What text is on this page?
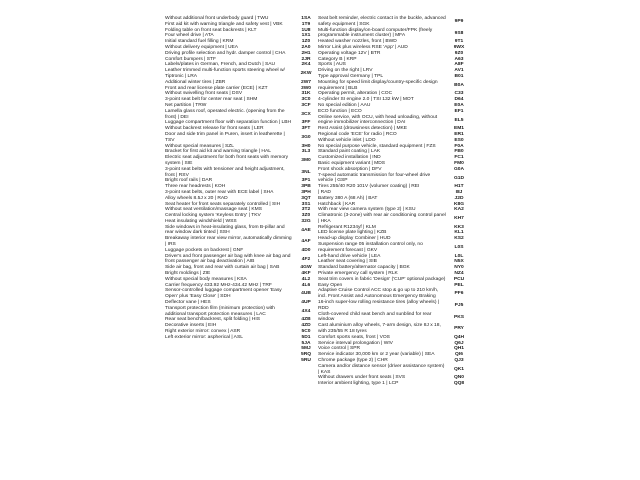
Without additional front underbody guard | TWU

First aid kit with warning triangle and safety vest | VBK

Folding table on front seat backrests | KLT

Four wheel drive | ATA

Initial standard fuel filling | KRM

Without delivery equipment | UEA

Driving profile selection and hydr. damper control | CHA

Comfort bumpers | STF

Labels/plates in German, French, and Dutch | SAU

Leather trimmed multi-function sports steering wheel w/ Tiptronic | LRA

Additional winter tires | ZBR

Front and rear license plate carrier (ECE) | KZT

Without swivelling front seats | DSV

3-point seat belt for center rear seat | SHM

Net partition | TRW

Lamella glass roof, operated electric. (opening from the front) | DEI

Luggage compartment floor with separation function | LBH

Without backrest release for front seats | LER

Door and side trim panel in Puren, insert in leatherette | TSV

Without special measures | SZL

Bracket for first aid kit and warning triangle | HAL

Electric seat adjustment for both front seats with memory system | SIE

3-point seat belts with tensioner and height adjustment, front | RSV

Bright roof rails | DAR

Three rear headrests | KOH

3-point seat belts, outer rear with ECE label | SHA

Alloy wheels 8.5J x 20 | RAD

Seat heater for front seats separately controlled | SIH

Without seat ventilation/massage seat | KMS

Central locking system 'Keyless Entry' | TKV

Heat insulating windshield | WSS

Side windows in heat-insulating glass, from B-pillar and rear window dark tinted | SSH

Breakaway interior rear view mirror, automatically dimming | IRS

Luggage pockets on backrest | GNF

Driver's and front passenger air bag with knee air bag and front passenger air bag deactivation | AIB

Side air bag, front and rear with curtain air bag | SAB

Bright moldings | ZIE

Without special body measures | KSA

Carrier frequency 433.92 MHz-434.42 MHz | TRF

Sensor-controlled luggage compartment opener 'Easy Open' plus 'Easy Close' | SDH

Deflector vane | HES

Transport protection film (minimum protection) with additional transport protection measures | LAC

Rear seat bench/backrest, split folding | HIS

Decorative inserts | EIH

Right exterior mirror: convex | ASR

Left exterior mirror: aspherical | ASL

1SA

1T9

1U8

1X1

1Z0

2A0

2H1

2JR

2K4

2KW

2W7

3W0

31K

3C0

3CF

3CX

3FF

3FT

3G0

3H0

3L3

3M0

3NL

3P1

3PB

3PH

3QT

3S1

3T2

3Z0

32G

4AE

4AF

4D0

4F2

4GW

4KF

4L2

4L6

4UB

4UP

4X4

4ZB

4ZD

5C0

5D1

5JA

5MJ

5RQ

5RU

Seat belt reminder, electric contact in the buckle, advanced safety equipment | SGK

Multi-function display/on-board computer/FPK (freely programmable instrument cluster) | MFA

Heated washer nozzles, front | BWD

Mirror Link plus wireless RSE 'App' | AUD

Operating voltage 12V | BTR

Category B | KRP

Sports | AUS

Driving on the right | LRV

Type approval Germany | TPL

Mounting for speed limit display/country-specific design requirement | BLB

Operating permit, alteration | COC

4-cylinder SI engine 2.0 | TSI 132 kW | MOT

No special edition | AAU

ECO function | ECO

Online service, with OCU, with head unloading, without engine immobilizer interconnection | DAI

Rest Assist (drowsiness detection) | MKE

Regional code 'ECE' for radio | RCO

Without vehicle inlet | LDO

No special purpose vehicle, standard equipment | FZS

Standard paint coating | LAK

Customized installation | IND

Basic equipment variant | MDS

Front shock absorption | DFV

7-speed automatic transmission for four-wheel drive vehicle | GSP

Tires 255/40 R20 101V (volumer coating) | REI

| RAD

Battery 380 A (68 Ah) | BAT

Hatchback | KAR

With rear view camera system (type 2) | KSU

Climatronic (3-zone) with rear air conditioning control panel | HKA

Refrigerant R1234yf | KLM

LED license plate lighting | KZB

Head-up display Combiner | HUD

Suspension range 05 installation control only, no requirement forecast | GKV

Left-hand drive vehicle | LEA

Leather seat covering | SIB

Standard battery/alternator capacity | BGK

Private emergency call system | RLK

Seat trim covers in fabric 'Design' ('CUP' optional package)

Easy Open

Adaptive Cruise Control ACC stop & go up to 210 km/h, incl. Front Assist and Autonomous Emergency Braking

16-inch super-low rolling resistance tires (alloy wheels) | RDD

Cloth-covered child seat bench and sunblind for rear window

Cast aluminium alloy wheels, 7-arm design, size 8J x 18, with 235/55 R 18 tyres

Comfort sports seats, front | VOS

Service interval prolongation | WIV

Voice control | SPR

Service indicator 30,000 km or 2 year (variable) | SEA

Chrome package (type 2) | CHR

Camera and/or distance sensor (driver assistance system) | KAS

Without drawers under front seats | SVS

Interior ambient lighting, type 1 | LCP

9P9

9S8

9T1

9WX

9Z0

A63

A8F

AV1

B01

B0A

C33

D64

E0A

EF1

EL5

EM1

ER1

ES0

F0A

FB0

FC1

FM0

G0A

G1D

H1T

I8J

J2D

K8G

KA2

KH7

KK3

KL1

KS2

L0S

L0L

N5X

NY0

NZ4

PCU

PEL

PF6

PJ5

PKS

PRY

Q4H

Q6J

QH1

QI6

QJ3

QK1

QN0

QQ8
